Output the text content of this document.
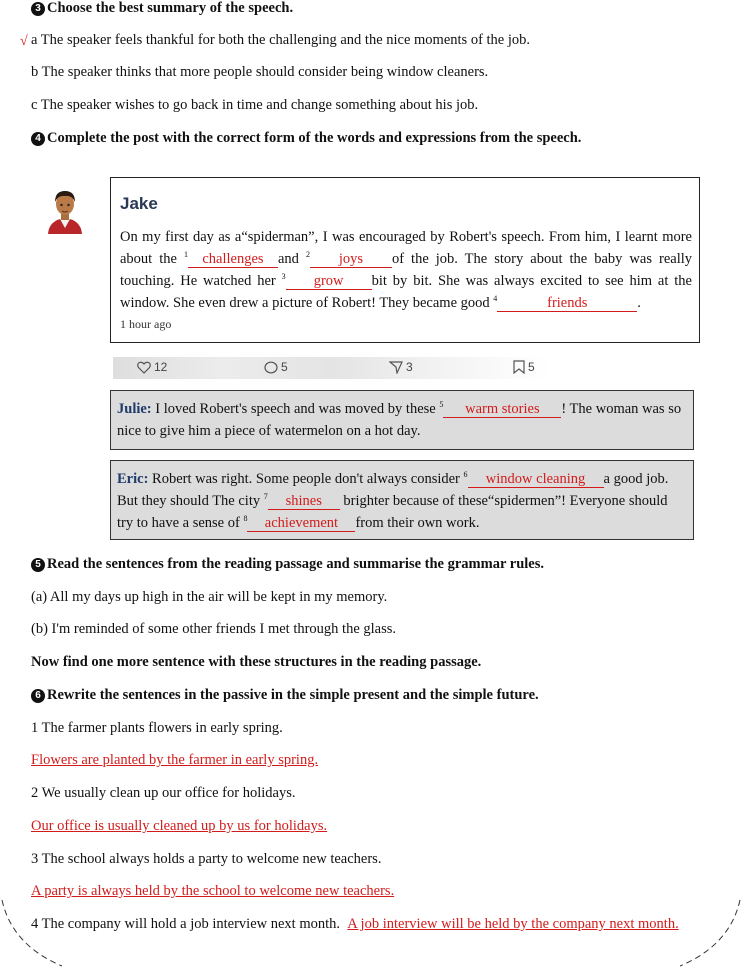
3 Choose the best summary of the speech.
√ a The speaker feels thankful for both the challenging and the nice moments of the job.
b The speaker thinks that more people should consider being window cleaners.
c The speaker wishes to go back in time and change something about his job.
4 Complete the post with the correct form of the words and expressions from the speech.
Jake
On my first day as a“spiderman”, I was encouraged by Robert's speech. From him, I learnt more about the $^1$ challenges and $^2$ joys of the job. The story about the baby was really touching. He watched her $^3$ grow bit by bit. She was always excited to see him at the window. She even drew a picture of Robert! They became good $^4$	friends	.
1 hour ago
12	5	3	5
Julie: I loved Robert's speech and was moved by these $^5$ warm stories ! The woman was so nice to give him a piece of watermelon on a hot day.
Eric: Robert was right. Some people don't always consider $^6$ window cleaning a good job. But they should The city $^7$ shines brighter because of these“spidermen”! Everyone should try to have a sense of $^8$ achievement from their own work.
5 Read the sentences from the reading passage and summarise the grammar rules.
(a) All my days up high in the air will be kept in my memory.
(b) I'm reminded of some other friends I met through the glass.
Now find one more sentence with these structures in the reading passage.
6 Rewrite the sentences in the passive in the simple present and the simple future.
1 The farmer plants flowers in early spring.
Flowers are planted by the farmer in early spring.
2 We usually clean up our office for holidays.
Our office is usually cleaned up by us for holidays.
3 The school always holds a party to welcome new teachers.
A party is always held by the school to welcome new teachers.
4 The company will hold a job interview next month. A job interview will be held by the company next month.
